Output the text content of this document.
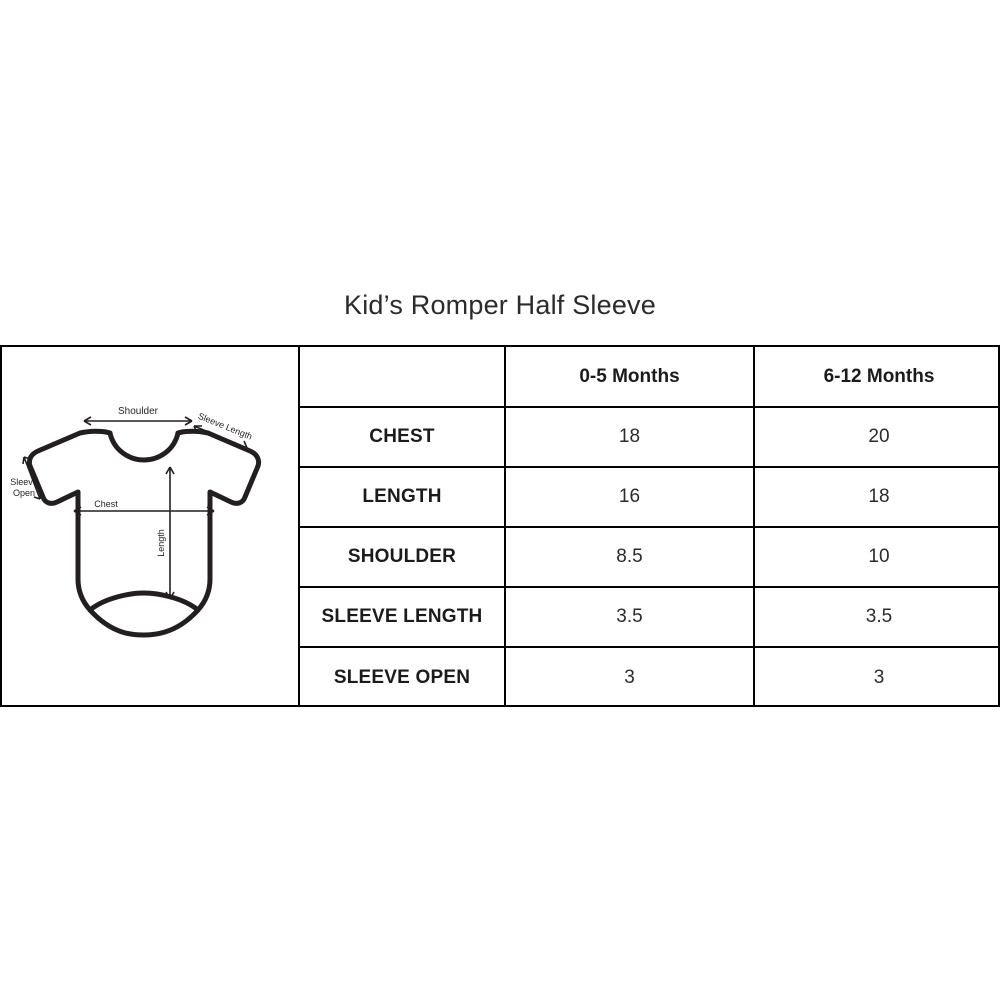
Kid’s Romper Half Sleeve
Shoulder	Sleeve Length
Sleeve
Open
Chest
Length
	0-5 Months	6-12 Months
CHEST	18	20
LENGTH	16	18
SHOULDER	8.5	10
SLEEVE LENGTH	3.5	3.5
SLEEVE OPEN	3	3
